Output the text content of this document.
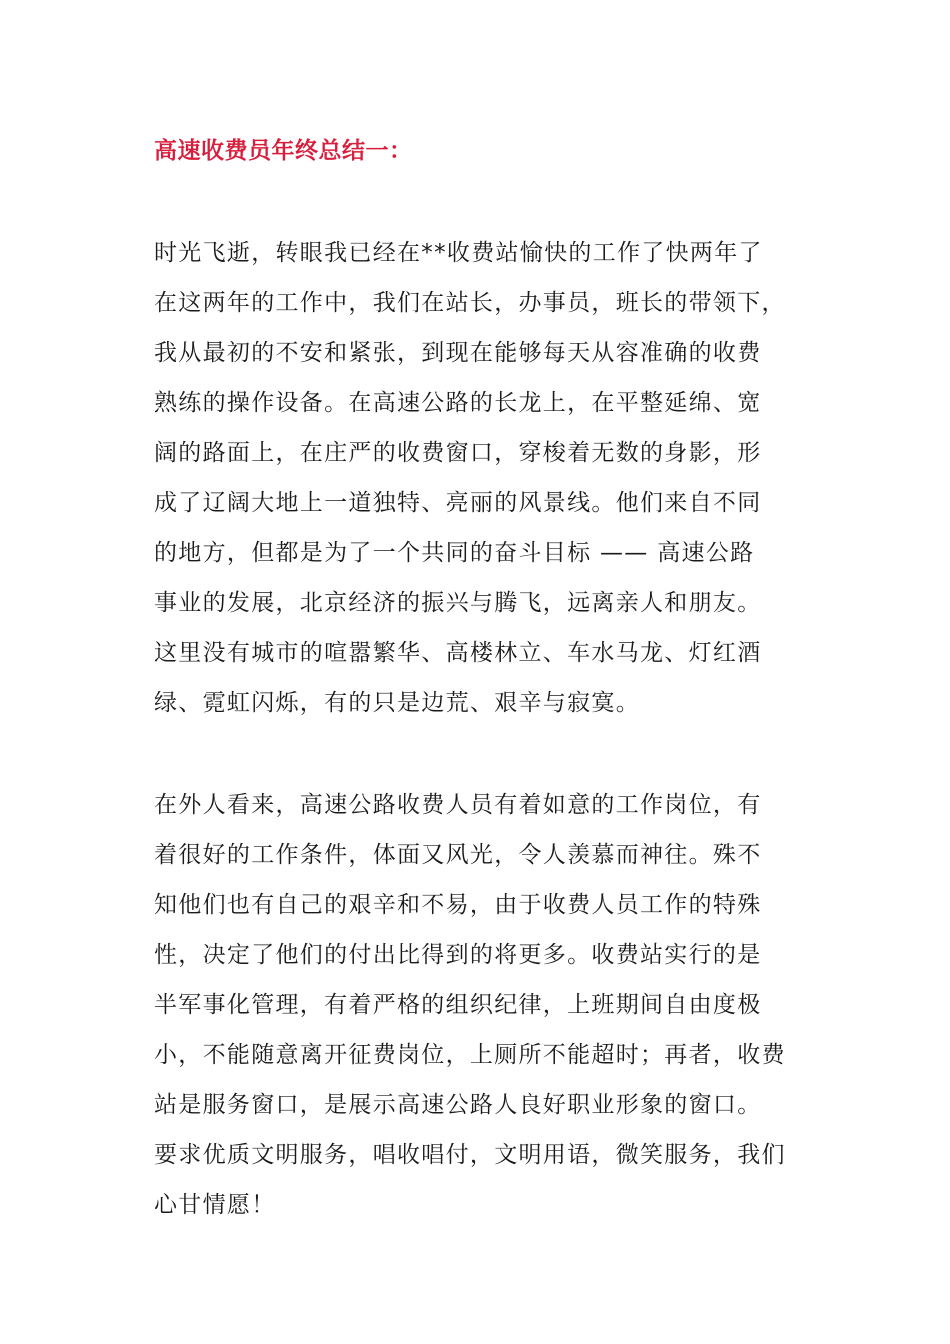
高速收费员年终总结一：

时光飞逝，转眼我已经在**收费站愉快的工作了快两年了
在这两年的工作中，我们在站长，办事员，班长的带领下，
我从最初的不安和紧张，到现在能够每天从容准确的收费
熟练的操作设备。在高速公路的长龙上，在平整延绵、宽
阔的路面上，在庄严的收费窗口，穿梭着无数的身影，形
成了辽阔大地上一道独特、亮丽的风景线。他们来自不同
的地方，但都是为了一个共同的奋斗目标 —— 高速公路
事业的发展，北京经济的振兴与腾飞，远离亲人和朋友。
这里没有城市的喧嚣繁华、高楼林立、车水马龙、灯红酒
绿、霓虹闪烁，有的只是边荒、艰辛与寂寞。

在外人看来，高速公路收费人员有着如意的工作岗位，有
着很好的工作条件，体面又风光，令人羡慕而神往。殊不
知他们也有自己的艰辛和不易，由于收费人员工作的特殊
性，决定了他们的付出比得到的将更多。收费站实行的是
半军事化管理，有着严格的组织纪律，上班期间自由度极
小，不能随意离开征费岗位，上厕所不能超时；再者，收费
站是服务窗口，是展示高速公路人良好职业形象的窗口。
要求优质文明服务，唱收唱付，文明用语，微笑服务，我们
心甘情愿！
